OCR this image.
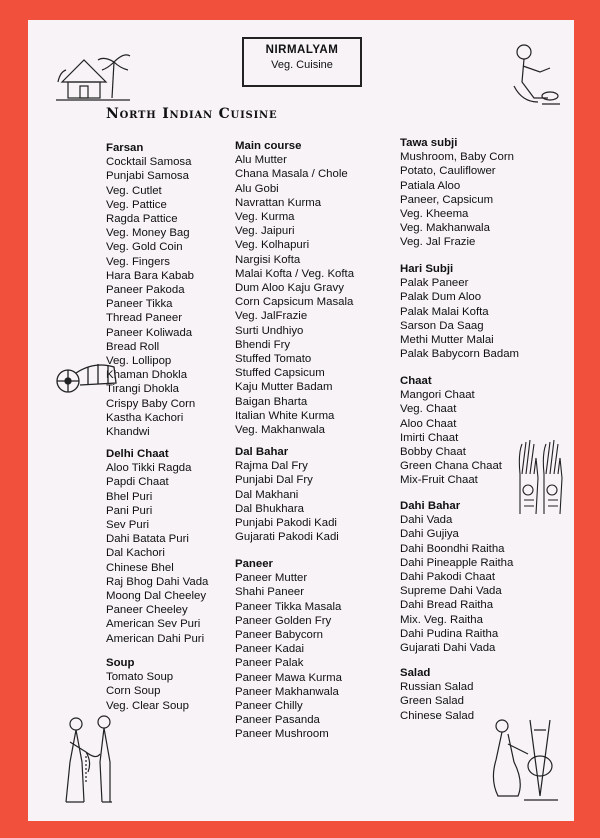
NIRMALYAM
Veg. Cuisine
North Indian Cuisine
Farsan
Cocktail Samosa
Punjabi Samosa
Veg. Cutlet
Veg. Pattice
Ragda Pattice
Veg. Money Bag
Veg. Gold Coin
Veg. Fingers
Hara Bara Kabab
Paneer Pakoda
Paneer Tikka
Thread Paneer
Paneer Koliwada
Bread Roll
Veg. Lollipop
Khaman Dhokla
Tirangi Dhokla
Crispy Baby Corn
Kastha Kachori
Khandwi
Delhi Chaat
Aloo Tikki Ragda
Papdi Chaat
Bhel Puri
Pani Puri
Sev Puri
Dahi Batata Puri
Dal Kachori
Chinese Bhel
Raj Bhog Dahi Vada
Moong Dal Cheeley
Paneer Cheeley
American Sev Puri
American Dahi Puri
Soup
Tomato Soup
Corn Soup
Veg. Clear Soup
Main course
Alu Mutter
Chana Masala / Chole
Alu Gobi
Navrattan Kurma
Veg. Kurma
Veg. Jaipuri
Veg. Kolhapuri
Nargisi Kofta
Malai Kofta / Veg. Kofta
Dum Aloo Kaju Gravy
Corn Capsicum Masala
Veg. JalFrazie
Surti Undhiyo
Bhendi Fry
Stuffed Tomato
Stuffed Capsicum
Kaju Mutter Badam
Baigan Bharta
Italian White Kurma
Veg. Makhanwala
Dal Bahar
Rajma Dal Fry
Punjabi Dal Fry
Dal Makhani
Dal Bhukhara
Punjabi Pakodi Kadi
Gujarati Pakodi Kadi
Paneer
Paneer Mutter
Shahi Paneer
Paneer Tikka Masala
Paneer Golden Fry
Paneer Babycorn
Paneer Kadai
Paneer Palak
Paneer Mawa Kurma
Paneer Makhanwala
Paneer Chilly
Paneer Pasanda
Paneer Mushroom
Tawa subji
Mushroom, Baby Corn
Potato, Cauliflower
Patiala Aloo
Paneer, Capsicum
Veg. Kheema
Veg. Makhanwala
Veg. Jal Frazie
Hari Subji
Palak Paneer
Palak Dum Aloo
Palak Malai Kofta
Sarson Da Saag
Methi Mutter Malai
Palak Babycorn Badam
Chaat
Mangori Chaat
Veg. Chaat
Aloo Chaat
Imirti Chaat
Bobby Chaat
Green Chana Chaat
Mix-Fruit Chaat
Dahi Bahar
Dahi Vada
Dahi Gujiya
Dahi Boondhi Raitha
Dahi Pineapple Raitha
Dahi Pakodi Chaat
Supreme Dahi Vada
Dahi Bread Raitha
Mix. Veg. Raitha
Dahi Pudina Raitha
Gujarati Dahi Vada
Salad
Russian Salad
Green Salad
Chinese Salad
